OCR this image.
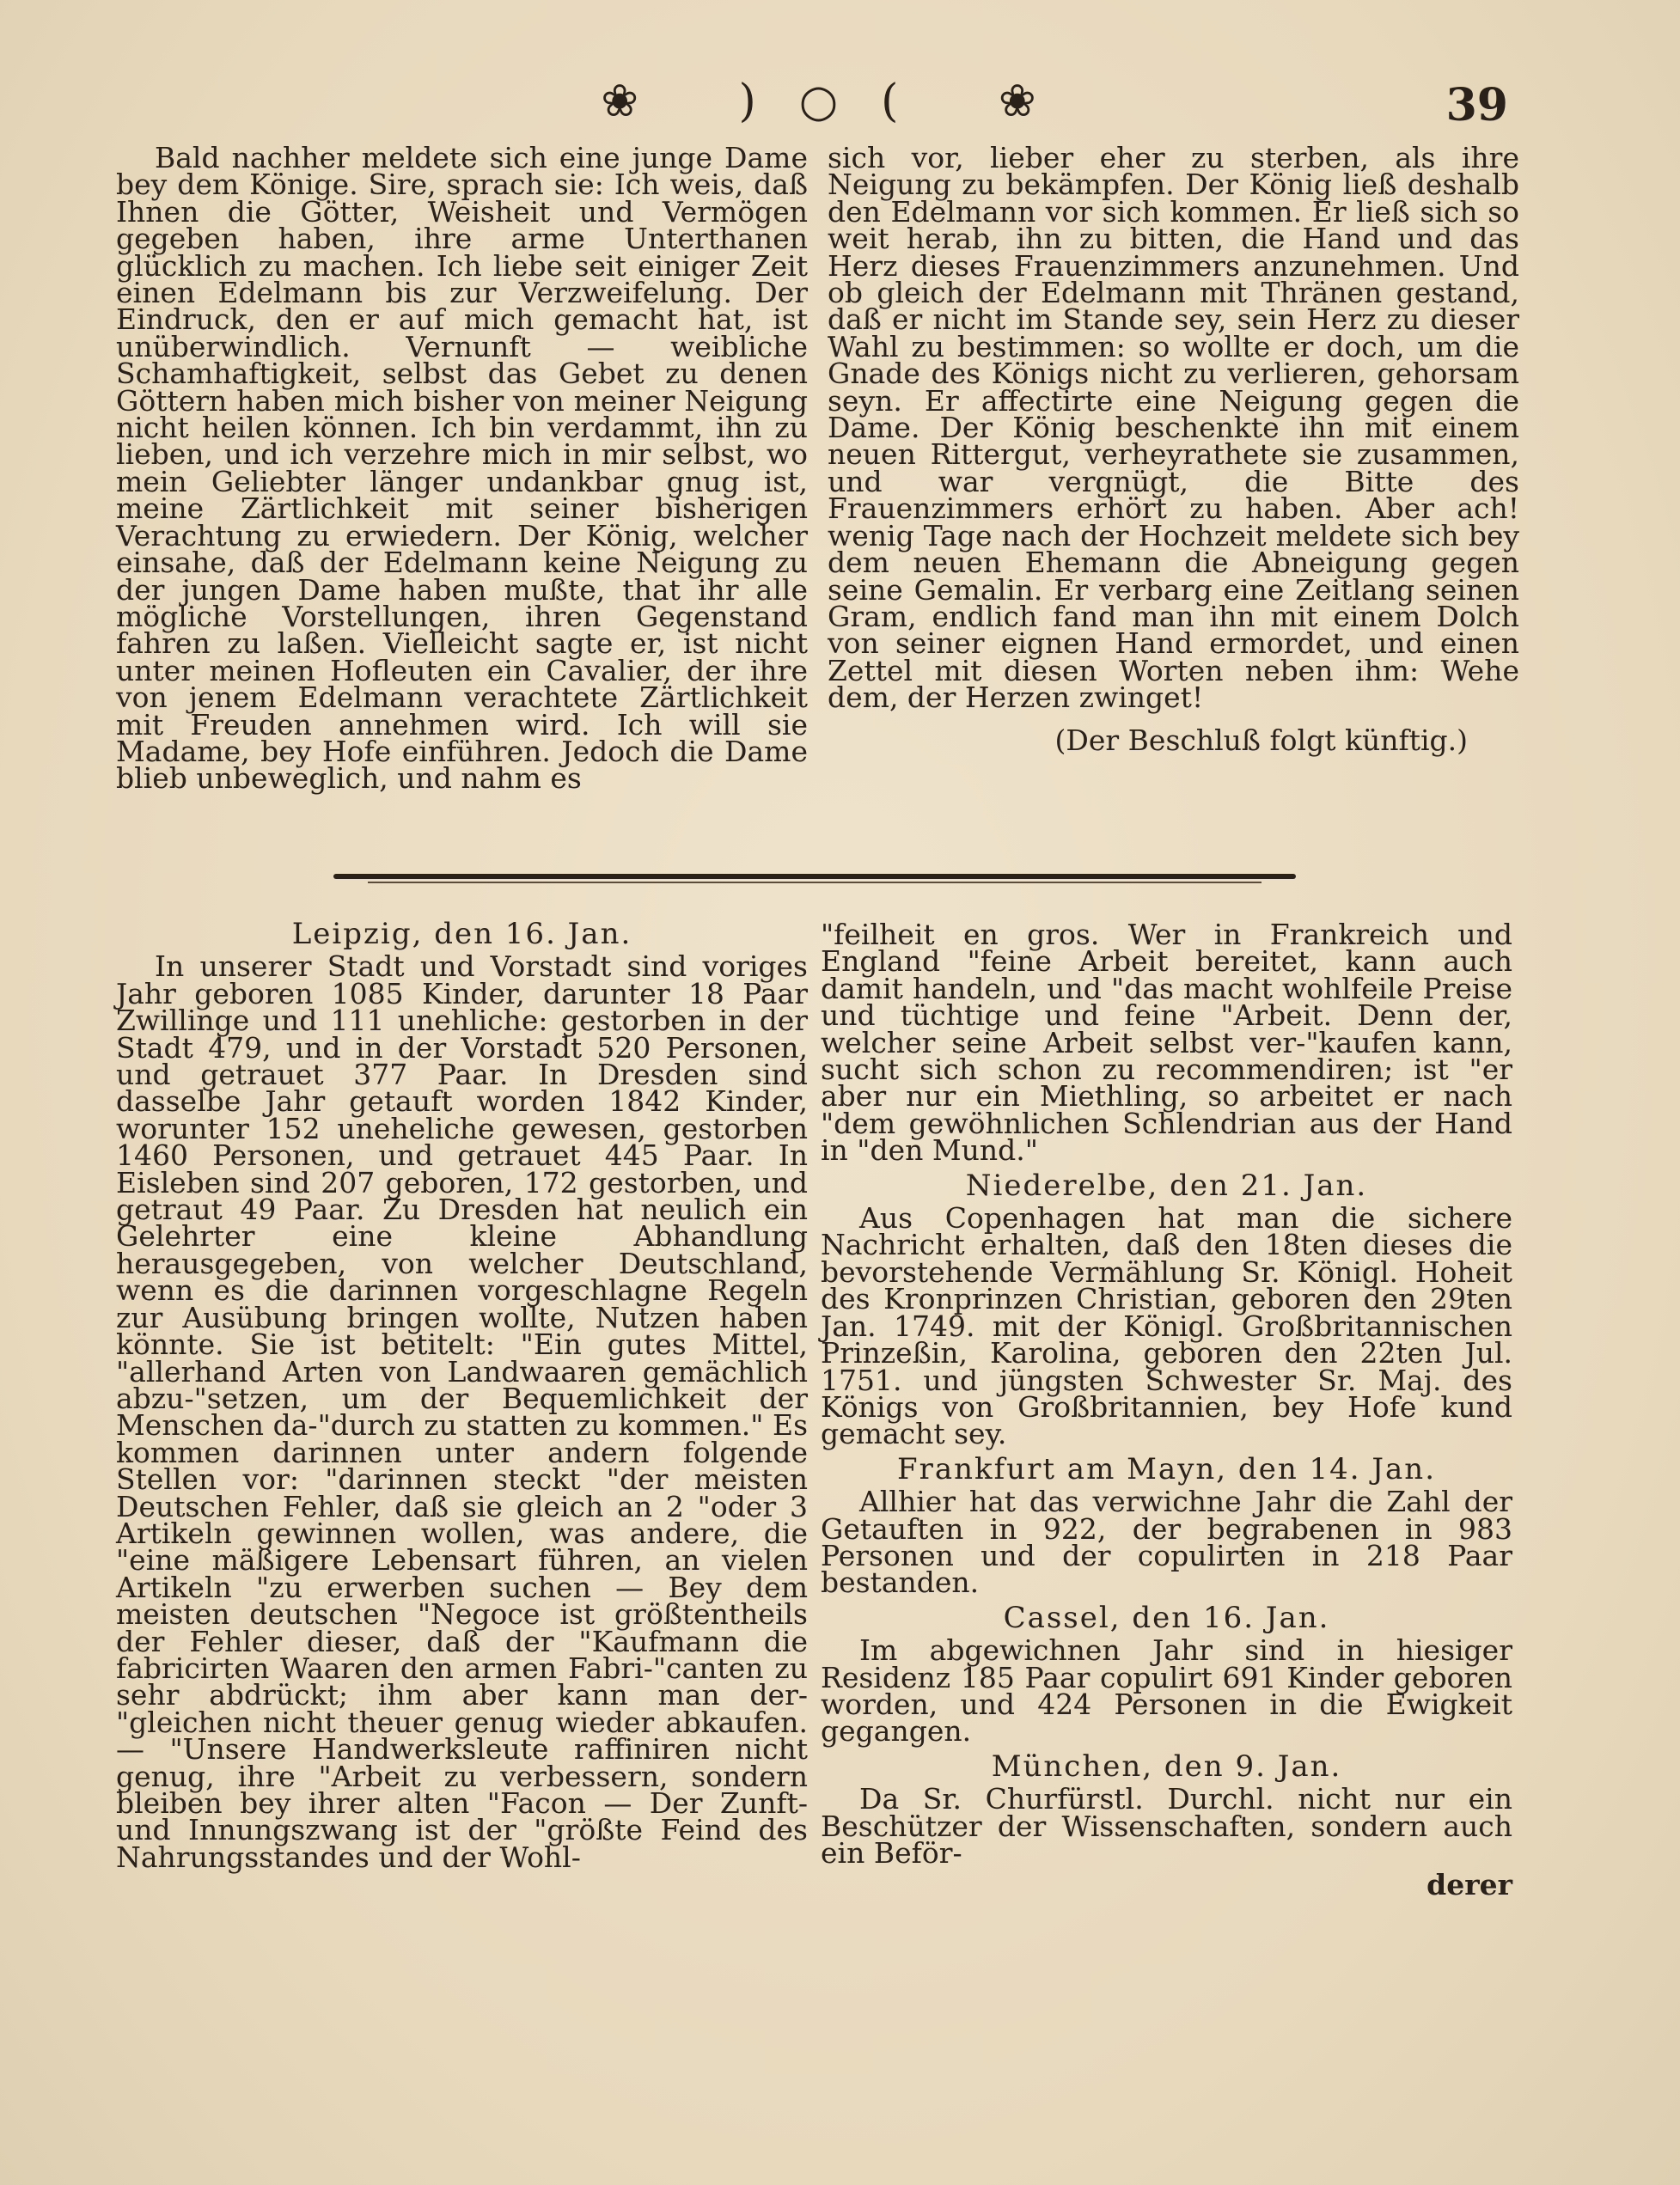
❀ )○( ❀	39

Bald nachher meldete sich eine junge Dame bey dem Könige. Sire, sprach sie: Ich weis, daß Ihnen die Götter, Weisheit und Vermögen gegeben haben, ihre arme Unterthanen glücklich zu machen. Ich liebe seit einiger Zeit einen Edelmann bis zur Verzweifelung. Der Eindruck, den er auf mich gemacht hat, ist unüberwindlich. Vernunft — weibliche Schamhaftigkeit, selbst das Gebet zu denen Göttern haben mich bisher von meiner Neigung nicht heilen können. Ich bin verdammt, ihn zu lieben, und ich verzehre mich in mir selbst, wo mein Geliebter länger undankbar gnug ist, meine Zärtlichkeit mit seiner bisherigen Verachtung zu erwiedern. Der König, welcher einsahe, daß der Edelmann keine Neigung zu der jungen Dame haben mußte, that ihr alle mögliche Vorstellungen, ihren Gegenstand fahren zu laßen. Vielleicht sagte er, ist nicht unter meinen Hofleuten ein Cavalier, der ihre von jenem Edelmann verachtete Zärtlichkeit mit Freuden annehmen wird. Ich will sie Madame, bey Hofe einführen. Jedoch die Dame blieb unbeweglich, und nahm es

sich vor, lieber eher zu sterben, als ihre Neigung zu bekämpfen. Der König ließ deshalb den Edelmann vor sich kommen. Er ließ sich so weit herab, ihn zu bitten, die Hand und das Herz dieses Frauenzimmers anzunehmen. Und ob gleich der Edelmann mit Thränen gestand, daß er nicht im Stande sey, sein Herz zu dieser Wahl zu bestimmen: so wollte er doch, um die Gnade des Königs nicht zu verlieren, gehorsam seyn. Er affectirte eine Neigung gegen die Dame. Der König beschenkte ihn mit einem neuen Rittergut, verheyrathete sie zusammen, und war vergnügt, die Bitte des Frauenzimmers erhört zu haben. Aber ach! wenig Tage nach der Hochzeit meldete sich bey dem neuen Ehemann die Abneigung gegen seine Gemalin. Er verbarg eine Zeitlang seinen Gram, endlich fand man ihn mit einem Dolch von seiner eignen Hand ermordet, und einen Zettel mit diesen Worten neben ihm: Wehe dem, der Herzen zwinget!

(Der Beschluß folgt künftig.)

Leipzig, den 16. Jan.

In unserer Stadt und Vorstadt sind voriges Jahr geboren 1085 Kinder, darunter 18 Paar Zwillinge und 111 unehliche: gestorben in der Stadt 479, und in der Vorstadt 520 Personen, und getrauet 377 Paar. In Dresden sind dasselbe Jahr getauft worden 1842 Kinder, worunter 152 uneheliche gewesen, gestorben 1460 Personen, und getrauet 445 Paar. In Eisleben sind 207 geboren, 172 gestorben, und getraut 49 Paar. Zu Dresden hat neulich ein Gelehrter eine kleine Abhandlung herausgegeben, von welcher Deutschland, wenn es die darinnen vorgeschlagne Regeln zur Ausübung bringen wollte, Nutzen haben könnte. Sie ist betitelt: "Ein gutes Mittel, "allerhand Arten von Landwaaren gemächlich abzu-"setzen, um der Bequemlichkeit der Menschen da-"durch zu statten zu kommen." Es kommen darinnen unter andern folgende Stellen vor: "darinnen steckt "der meisten Deutschen Fehler, daß sie gleich an 2 "oder 3 Artikeln gewinnen wollen, was andere, die "eine mäßigere Lebensart führen, an vielen Artikeln "zu erwerben suchen — Bey dem meisten deutschen "Negoce ist größtentheils der Fehler dieser, daß der "Kaufmann die fabricirten Waaren den armen Fabri-"canten zu sehr abdrückt; ihm aber kann man der-"gleichen nicht theuer genug wieder abkaufen. — "Unsere Handwerksleute raffiniren nicht genug, ihre "Arbeit zu verbessern, sondern bleiben bey ihrer alten "Facon — Der Zunft- und Innungszwang ist der "größte Feind des Nahrungsstandes und der Wohl-

"feilheit en gros. Wer in Frankreich und England "feine Arbeit bereitet, kann auch damit handeln, und "das macht wohlfeile Preise und tüchtige und feine "Arbeit. Denn der, welcher seine Arbeit selbst ver-"kaufen kann, sucht sich schon zu recommendiren; ist "er aber nur ein Miethling, so arbeitet er nach "dem gewöhnlichen Schlendrian aus der Hand in "den Mund."

Niederelbe, den 21. Jan.

Aus Copenhagen hat man die sichere Nachricht erhalten, daß den 18ten dieses die bevorstehende Vermählung Sr. Königl. Hoheit des Kronprinzen Christian, geboren den 29ten Jan. 1749. mit der Königl. Großbritannischen Prinzeßin, Karolina, geboren den 22ten Jul. 1751. und jüngsten Schwester Sr. Maj. des Königs von Großbritannien, bey Hofe kund gemacht sey.

Frankfurt am Mayn, den 14. Jan.

Allhier hat das verwichne Jahr die Zahl der Getauften in 922, der begrabenen in 983 Personen und der copulirten in 218 Paar bestanden.

Cassel, den 16. Jan.

Im abgewichnen Jahr sind in hiesiger Residenz 185 Paar copulirt 691 Kinder geboren worden, und 424 Personen in die Ewigkeit gegangen.

München, den 9. Jan.

Da Sr. Churfürstl. Durchl. nicht nur ein Beschützer der Wissenschaften, sondern auch ein Beför-

derer
